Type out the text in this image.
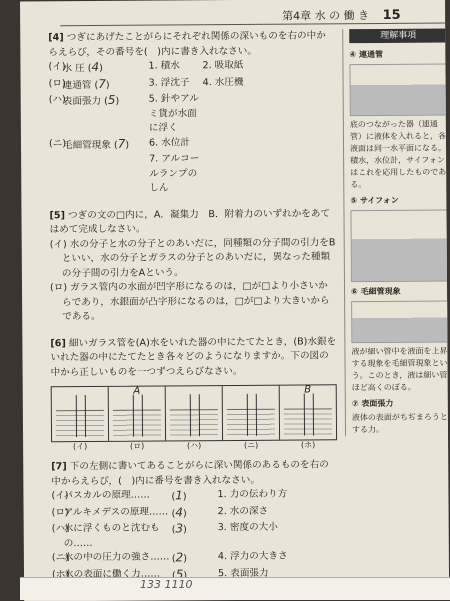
第4章 水 の 働 き 15
[4] つぎにあげたことがらにそれぞれ関係の深いものを右の中からえらび，その番号を(　)内に書き入れなさい。
(イ)
水 圧 (4)	1. 積水	2. 吸取紙
(ロ)
連通管 (7)	3. 浮沈子	4. 水圧機
(ハ)
表面張力 (5)	5. 針やアルミ貨が水面に浮く
(ニ)
毛細管現象 (7)	6. 水位計
7. アルコールランプのしん
[5] つぎの文の□内に，A．凝集力　B．附着力のいずれかをあてはめて完成しなさい。
(イ) 水の分子と水の分子とのあいだに，同種類の分子間の引力をBといい，水の分子とガラスの分子とのあいだに，異なった種類の分子間の引力をAという。
(ロ) ガラス管内の水面が凹字形になるのは，□が□より小さいからであり，水銀面が凸字形になるのは，□が□より大きいからである。
[6] 細いガラス管を(A)水をいれた器の中にたてたとき，(B)水銀をいれた器の中にたてたとき各々どのようになりますか。下の図の中から正しいものを一つずつえらびなさい。
(イ)
A
(ロ)	(ハ)	(ニ)
B
(ホ)
[7] 下の左側に書いてあることがらに深い関係のあるものを右の中からえらび，(　)内に番号を書き入れなさい。
(イ)
パスカルの原理……	(1)	1. 力の伝わり方
(ロ)
アルキメデスの原理…… (4)	2. 水の深さ
(ハ)
水に浮くものと沈むもの……
(3)	3. 密度の大小
(ニ)
水の中の圧力の強さ…… (2)	4. 浮力の大きさ
(ホ)
水の表面に働く力……	(5)	5. 表面張力
理解事項
④ 連通管
底のつながった器（連通管）に液体を入れると，各液面は同一水平面になる。積水，水位計，サイフォンはこれを応用したものである。
⑤ サイフォン
⑥ 毛細管現象
液が細い管中を液面を上昇する現象を毛細管現象という。このとき，液は細い管ほど高くのぼる。
⑦ 表面張力
液体の表面がちぢまろうとする力。
133 1110
